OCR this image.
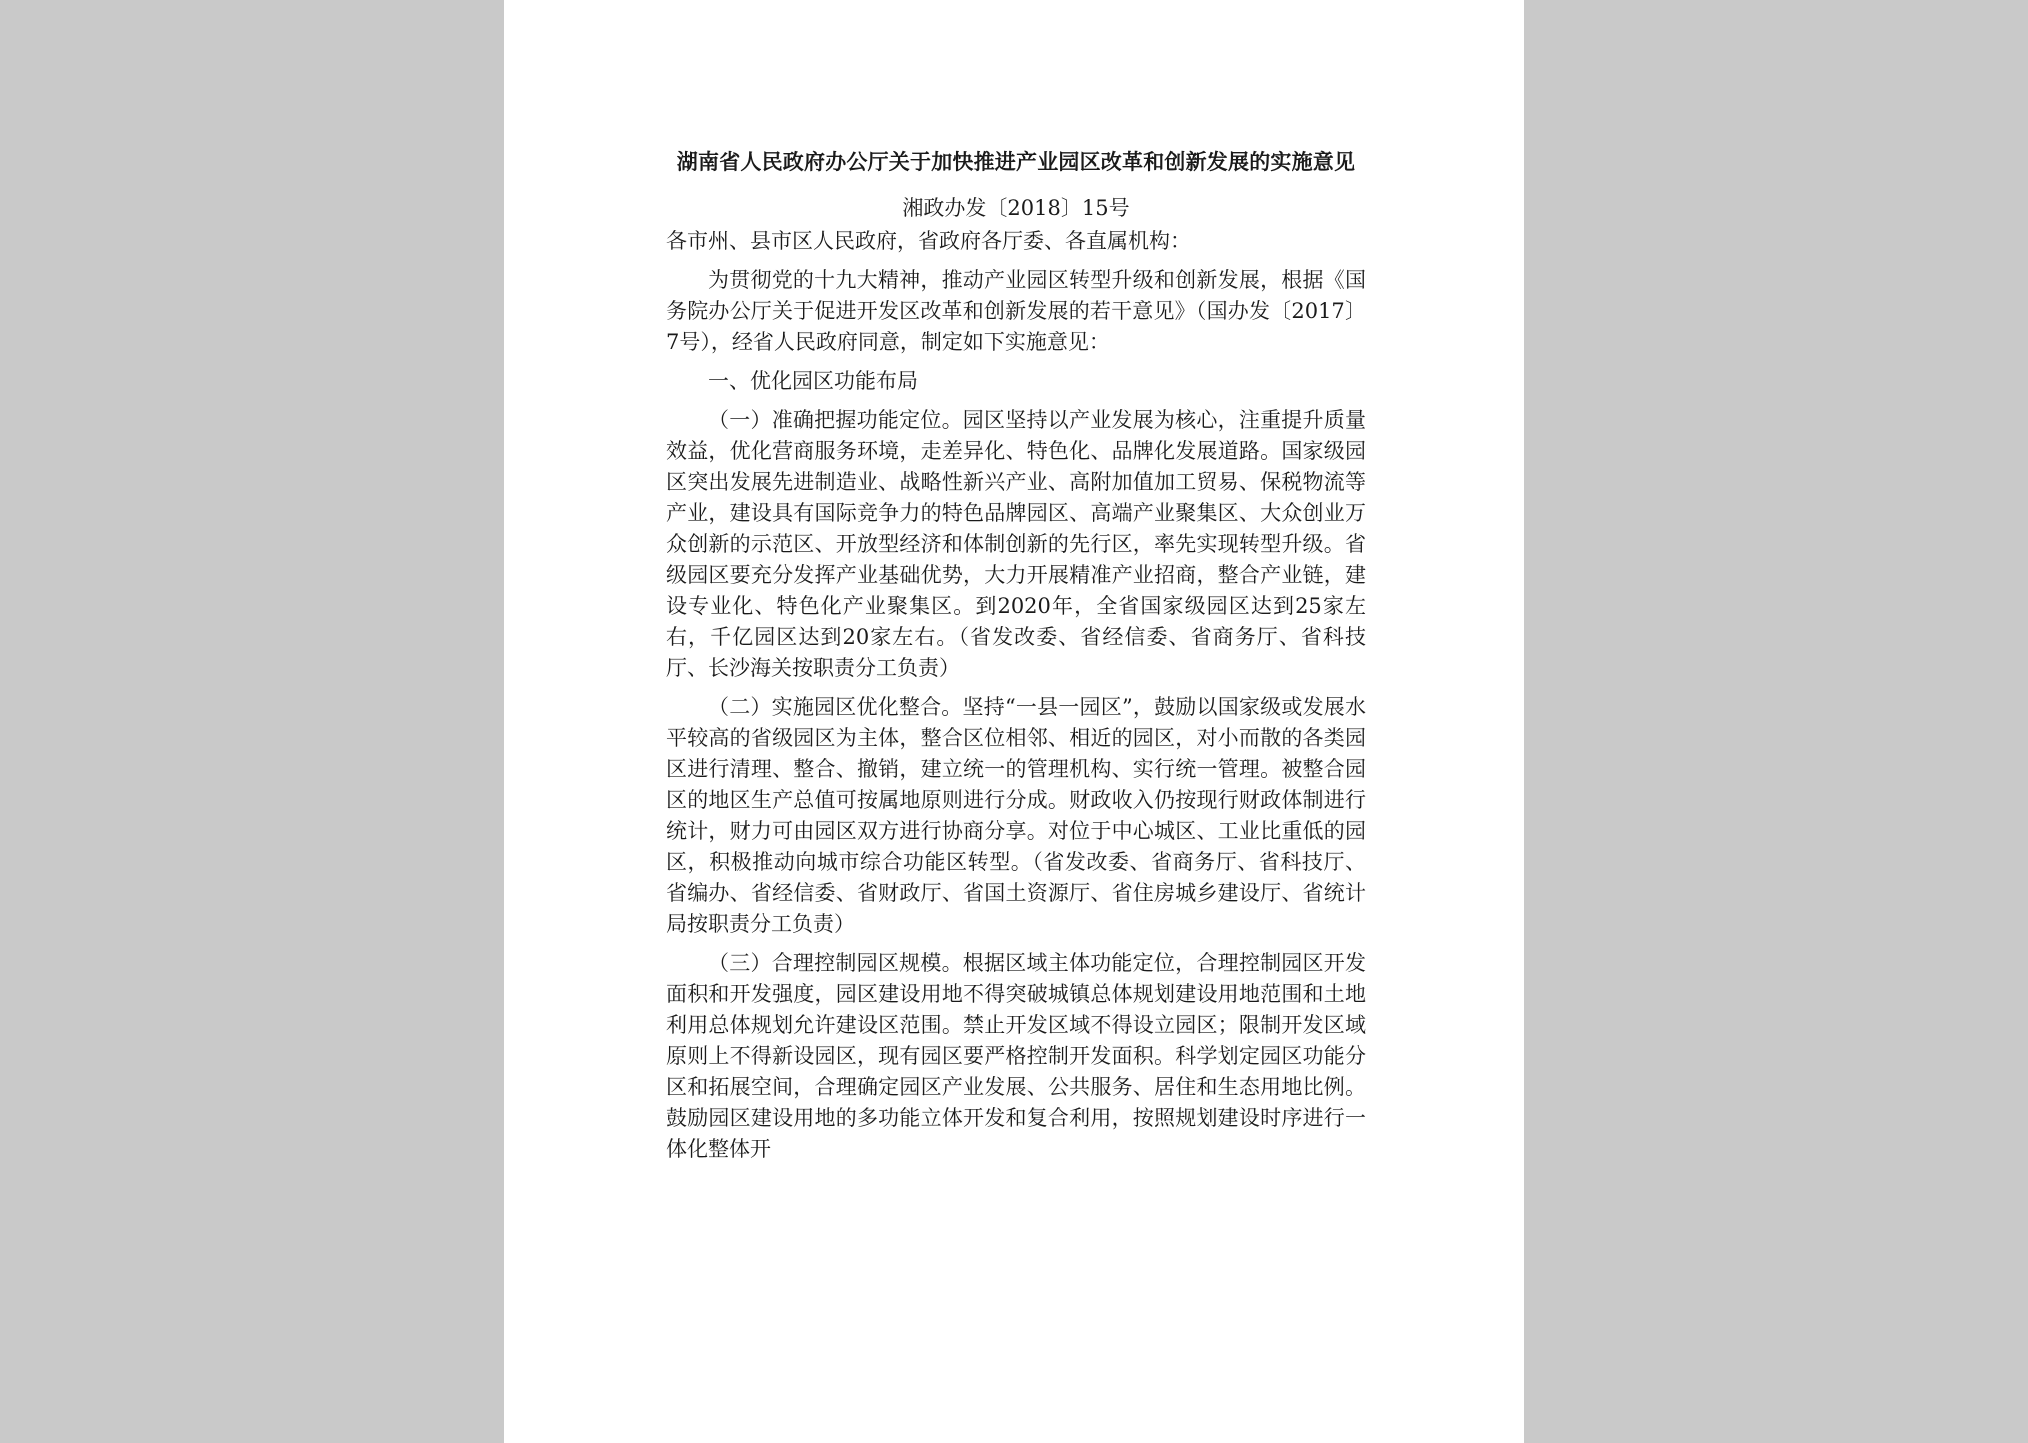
湖南省人民政府办公厅关于加快推进产业园区改革和创新发展的实施意见

湘政办发〔2018〕15号

各市州、县市区人民政府，省政府各厅委、各直属机构：

为贯彻党的十九大精神，推动产业园区转型升级和创新发展，根据《国务院办公厅关于促进开发区改革和创新发展的若干意见》（国办发〔2017〕7号），经省人民政府同意，制定如下实施意见：

一、优化园区功能布局

（一）准确把握功能定位。园区坚持以产业发展为核心，注重提升质量效益，优化营商服务环境，走差异化、特色化、品牌化发展道路。国家级园区突出发展先进制造业、战略性新兴产业、高附加值加工贸易、保税物流等产业，建设具有国际竞争力的特色品牌园区、高端产业聚集区、大众创业万众创新的示范区、开放型经济和体制创新的先行区，率先实现转型升级。省级园区要充分发挥产业基础优势，大力开展精准产业招商，整合产业链，建设专业化、特色化产业聚集区。到2020年，全省国家级园区达到25家左右，千亿园区达到20家左右。（省发改委、省经信委、省商务厅、省科技厅、长沙海关按职责分工负责）

（二）实施园区优化整合。坚持“一县一园区”，鼓励以国家级或发展水平较高的省级园区为主体，整合区位相邻、相近的园区，对小而散的各类园区进行清理、整合、撤销，建立统一的管理机构、实行统一管理。被整合园区的地区生产总值可按属地原则进行分成。财政收入仍按现行财政体制进行统计，财力可由园区双方进行协商分享。对位于中心城区、工业比重低的园区，积极推动向城市综合功能区转型。（省发改委、省商务厅、省科技厅、省编办、省经信委、省财政厅、省国土资源厅、省住房城乡建设厅、省统计局按职责分工负责）

（三）合理控制园区规模。根据区域主体功能定位，合理控制园区开发面积和开发强度，园区建设用地不得突破城镇总体规划建设用地范围和土地利用总体规划允许建设区范围。禁止开发区域不得设立园区；限制开发区域原则上不得新设园区，现有园区要严格控制开发面积。科学划定园区功能分区和拓展空间，合理确定园区产业发展、公共服务、居住和生态用地比例。鼓励园区建设用地的多功能立体开发和复合利用，按照规划建设时序进行一体化整体开
